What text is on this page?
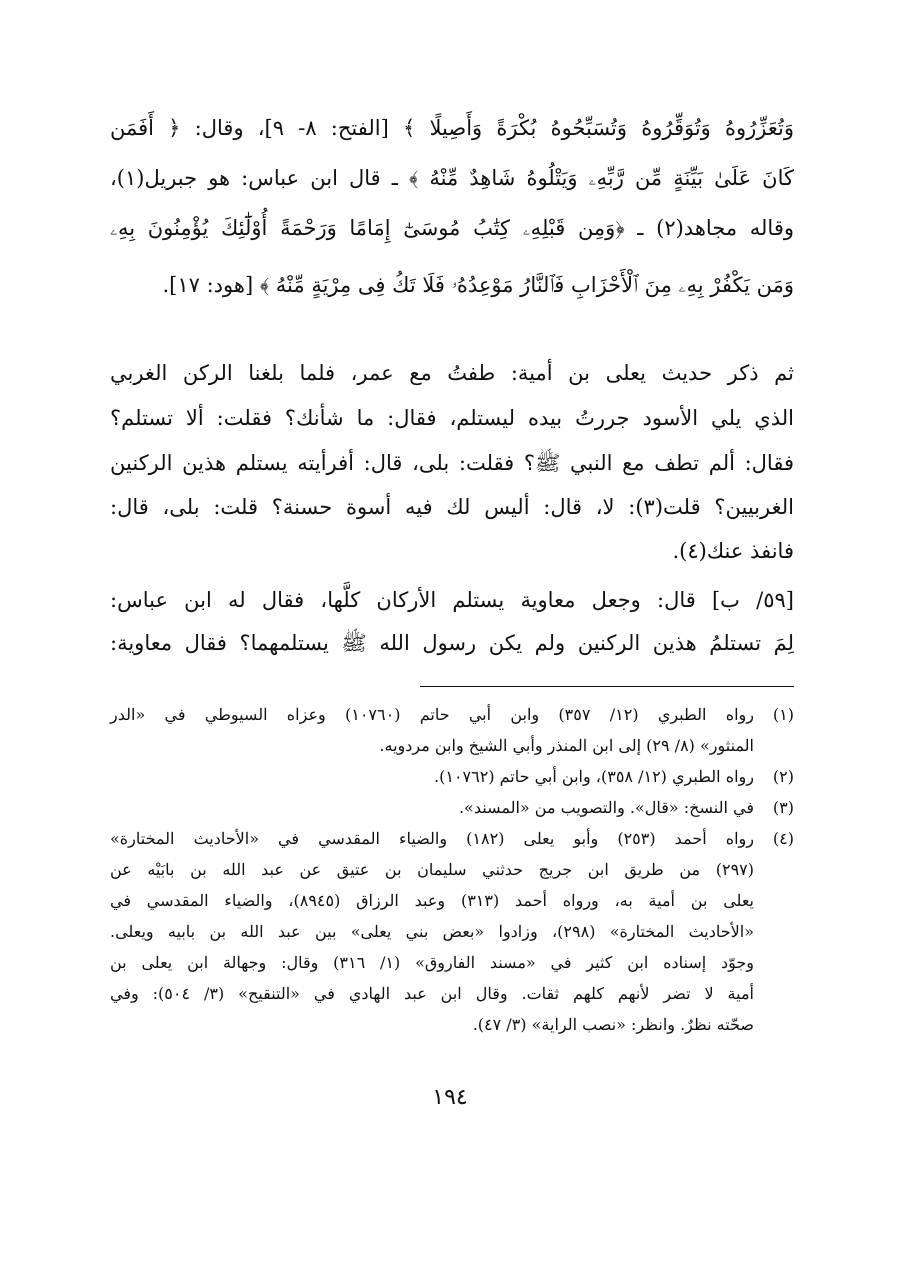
وَتُعَزِّرُوهُ وَتُوَقِّرُوهُ وَتُسَبِّحُوهُ بُكْرَةً وَأَصِيلًا ﴾ [الفتح: ٨- ٩]، وقال: ﴿ أَفَمَن
كَانَ عَلَىٰ بَيِّنَةٍ مِّن رَّبِّهِۦ وَيَتْلُوهُ شَاهِدٌ مِّنْهُ ﴾ ـ قال ابن عباس: هو جبريل(١)،
وقاله مجاهد(٢) ـ ﴿وَمِن قَبْلِهِۦ كِتَٰبُ مُوسَىٰٓ إِمَامًا وَرَحْمَةً أُوْلَٰٓئِكَ يُؤْمِنُونَ بِهِۦ
وَمَن يَكْفُرْ بِهِۦ مِنَ ٱلْأَحْزَابِ فَٱلنَّارُ مَوْعِدُهُۥ فَلَا تَكُ فِى مِرْيَةٍ مِّنْهُ ﴾ [هود: ١٧].
ثم ذكر حديث يعلى بن أمية: طفتُ مع عمر، فلما بلغنا الركن الغربي
الذي يلي الأسود جررتُ بيده ليستلم، فقال: ما شأنك؟ فقلت: ألا تستلم؟
فقال: ألم تطف مع النبي ﷺ؟ فقلت: بلى، قال: أفرأيته يستلم هذين الركنين
الغربيين؟ قلت(٣): لا، قال: أليس لك فيه أسوة حسنة؟ قلت: بلى، قال:
فانفذ عنك(٤).
[٥٩/ ب] قال: وجعل معاوية يستلم الأركان كلَّها، فقال له ابن عباس:
لِمَ تستلمُ هذين الركنين ولم يكن رسول الله ﷺ يستلمهما؟ فقال معاوية:
(١)
رواه الطبري (١٢/ ٣٥٧) وابن أبي حاتم (١٠٧٦٠) وعزاه السيوطي في «الدر
المنثور» (٨/ ٢٩) إلى ابن المنذر وأبي الشيخ وابن مردويه.
(٢)
رواه الطبري (١٢/ ٣٥٨)، وابن أبي حاتم (١٠٧٦٢).
(٣)
في النسخ: «قال». والتصويب من «المسند».
(٤)
رواه أحمد (٢٥٣) وأبو يعلى (١٨٢) والضياء المقدسي في «الأحاديث المختارة»
(٢٩٧) من طريق ابن جريج حدثني سليمان بن عتيق عن عبد الله بن بابَيْه عن
يعلى بن أمية به، ورواه أحمد (٣١٣) وعبد الرزاق (٨٩٤٥)، والضياء المقدسي في
«الأحاديث المختارة» (٢٩٨)، وزادوا «بعض بني يعلى» بين عبد الله بن بابيه ويعلى.
وجوّد إسناده ابن كثير في «مسند الفاروق» (١/ ٣١٦) وقال: وجهالة ابن يعلى بن
أمية لا تضر لأنهم كلهم ثقات. وقال ابن عبد الهادي في «التنقيح» (٣/ ٥٠٤): وفي
صحّته نظرٌ. وانظر: «نصب الراية» (٣/ ٤٧).
١٩٤
